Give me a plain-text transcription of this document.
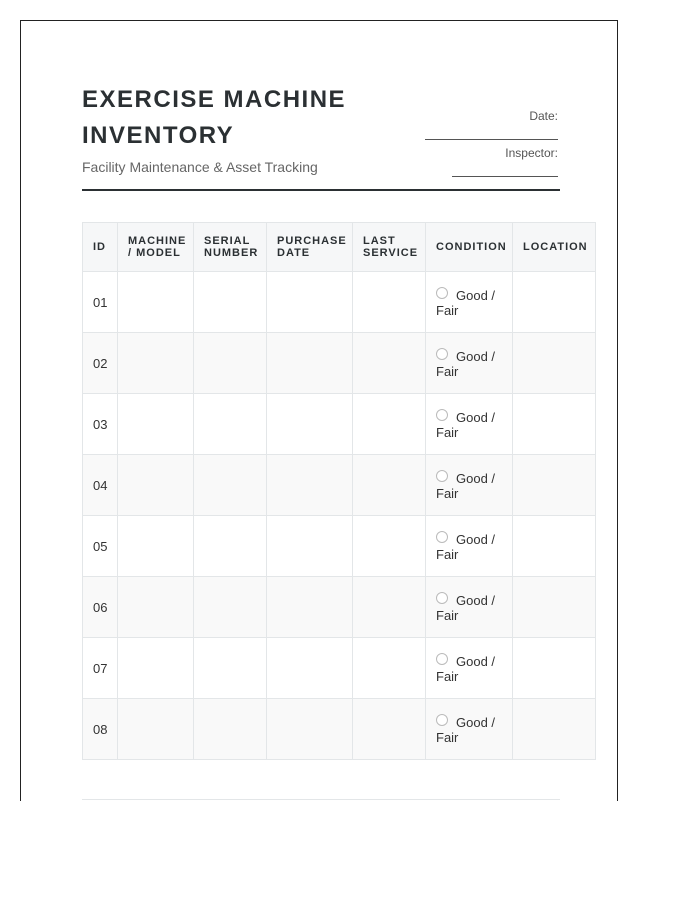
EXERCISE MACHINE INVENTORY

Facility Maintenance & Asset Tracking

Date:
Inspector:
ID	MACHINE / MODEL	SERIAL NUMBER	PURCHASE DATE	LAST SERVICE	CONDITION	LOCATION
01					Good / Fair	

02					Good / Fair	

03					Good / Fair	

04					Good / Fair	

05					Good / Fair	

06					Good / Fair	

07					Good / Fair	

08					Good / Fair	
